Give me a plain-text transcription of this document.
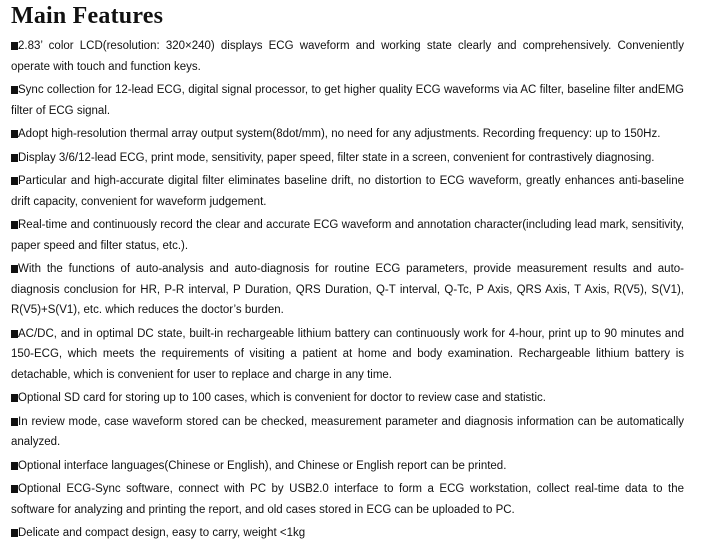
Main Features
2.83’ color LCD(resolution: 320×240) displays ECG waveform and working state clearly and comprehensively. Conveniently operate with touch and function keys.
Sync collection for 12-lead ECG, digital signal processor, to get higher quality ECG waveforms via AC filter, baseline filter andEMG filter of ECG signal.
Adopt high-resolution thermal array output system(8dot/mm), no need for any adjustments. Recording frequency: up to 150Hz.
Display 3/6/12-lead ECG, print mode, sensitivity, paper speed, filter state in a screen, convenient for contrastively diagnosing.
Particular and high-accurate digital filter eliminates baseline drift, no distortion to ECG waveform, greatly enhances anti-baseline drift capacity, convenient for waveform judgement.
Real-time and continuously record the clear and accurate ECG waveform and annotation character(including lead mark, sensitivity, paper speed and filter status, etc.).
With the functions of auto-analysis and auto-diagnosis for routine ECG parameters, provide measurement results and auto-diagnosis conclusion for HR, P-R interval, P Duration, QRS Duration, Q-T interval, Q-Tc, P Axis, QRS Axis, T Axis, R(V5), S(V1), R(V5)+S(V1), etc. which reduces the doctor’s burden.
AC/DC, and in optimal DC state, built-in rechargeable lithium battery can continuously work for 4-hour, print up to 90 minutes and 150-ECG, which meets the requirements of visiting a patient at home and body examination. Rechargeable lithium battery is detachable, which is convenient for user to replace and charge in any time.
Optional SD card for storing up to 100 cases, which is convenient for doctor to review case and statistic.
In review mode, case waveform stored can be checked, measurement parameter and diagnosis information can be automatically analyzed.
Optional interface languages(Chinese or English), and Chinese or English report can be printed.
Optional ECG-Sync software, connect with PC by USB2.0 interface to form a ECG workstation, collect real-time data to the software for analyzing and printing the report, and old cases stored in ECG can be uploaded to PC.
Delicate and compact design, easy to carry, weight <1kg
